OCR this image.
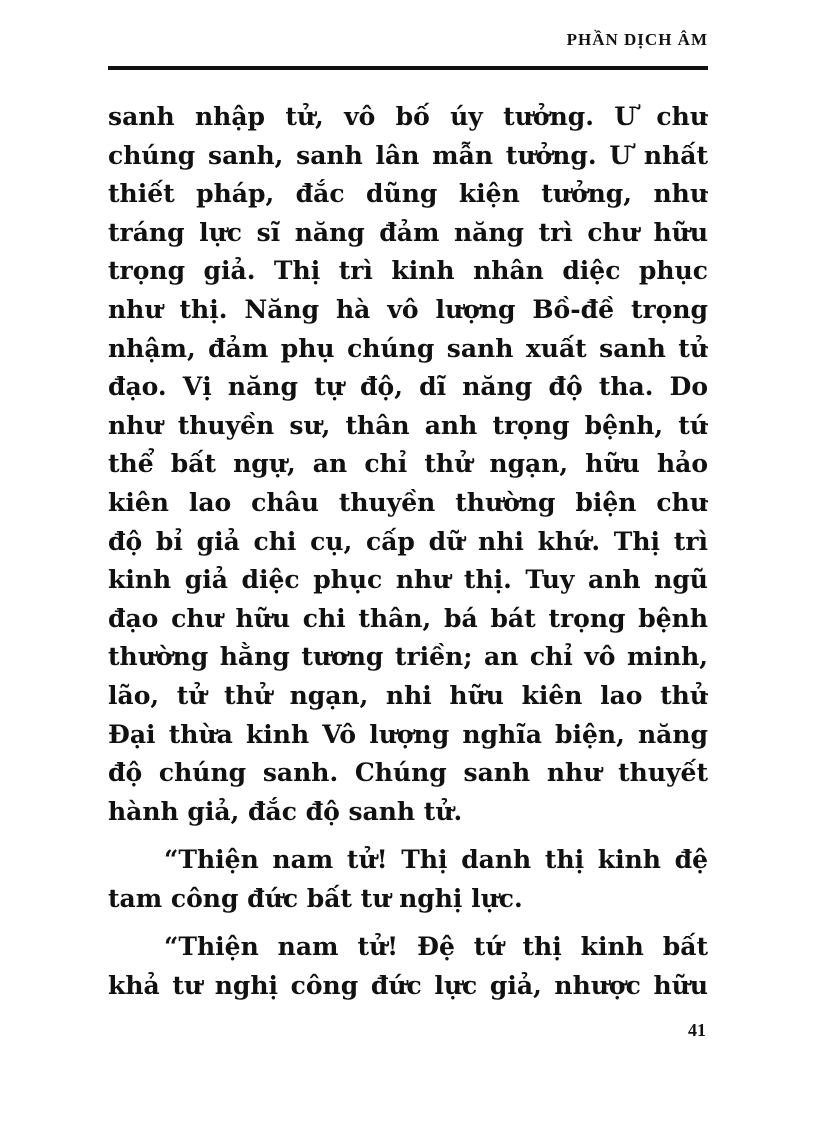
PHẦN DỊCH ÂM
sanh nhập tử, vô bố úy tưởng. Ư chư
chúng sanh, sanh lân mẫn tưởng. Ư nhất
thiết pháp, đắc dũng kiện tưởng, như
tráng lực sĩ năng đảm năng trì chư hữu
trọng giả. Thị trì kinh nhân diệc phục
như thị. Năng hà vô lượng Bồ-đề trọng
nhậm, đảm phụ chúng sanh xuất sanh tử
đạo. Vị năng tự độ, dĩ năng độ tha. Do
như thuyền sư, thân anh trọng bệnh, tứ
thể bất ngự, an chỉ thử ngạn, hữu hảo
kiên lao châu thuyền thường biện chư
độ bỉ giả chi cụ, cấp dữ nhi khứ. Thị trì
kinh giả diệc phục như thị. Tuy anh ngũ
đạo chư hữu chi thân, bá bát trọng bệnh
thường hằng tương triền; an chỉ vô minh,
lão, tử thử ngạn, nhi hữu kiên lao thử
Đại thừa kinh Vô lượng nghĩa biện, năng
độ chúng sanh. Chúng sanh như thuyết
hành giả, đắc độ sanh tử.
“Thiện nam tử! Thị danh thị kinh đệ
tam công đức bất tư nghị lực.
“Thiện nam tử! Đệ tứ thị kinh bất
khả tư nghị công đức lực giả, nhược hữu
41
